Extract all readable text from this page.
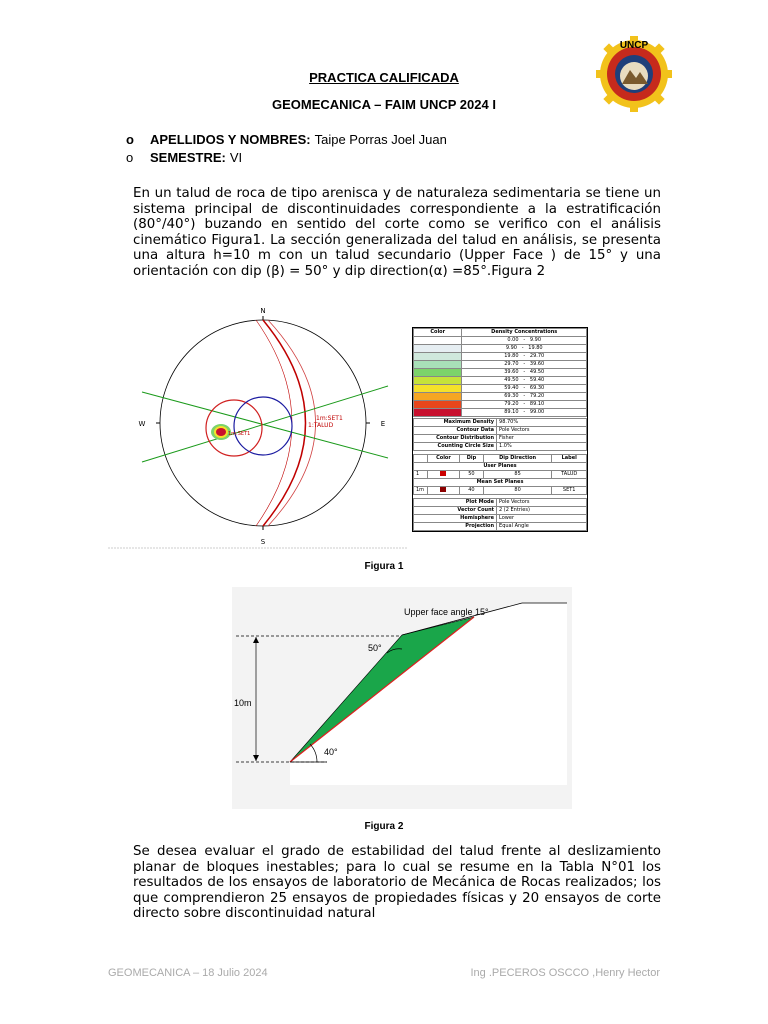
PRACTICA CALIFICADA
GEOMECANICA – FAIM UNCP 2024 I
UNCP
o	APELLIDOS Y NOMBRES: Taipe Porras Joel Juan
o	SEMESTRE: VI
En un talud de roca de tipo arenisca y de naturaleza sedimentaria se tiene un sistema principal de discontinuidades correspondiente a la estratificación (80°/40°) buzando en sentido del corte como se verifico con el análisis cinemático Figura1. La sección generalizada del talud en análisis, se presenta una altura h=10 m con un talud secundario (Upper Face ) de 15° y una orientación con dip (β) = 50° y dip direction(α) =85°.Figura 2
N
S
E
W
1m:SET1
1m:SET1
1:TALUD
Color	Density Concentrations
	0.00   -   9.90
	9.90   -   19.80
	19.80   -   29.70
	29.70   -   39.60
	39.60   -   49.50
	49.50   -   59.40
	59.40   -   69.30
	69.30   -   79.20
	79.20   -   89.10
	89.10   -   99.00
Maximum Density	98.70%
Contour Data	Pole Vectors
Contour Distribution	Fisher
Counting Circle Size	1.0%
	Color	Dip	Dip Direction	Label
User Planes				
1		50	85	TALUD
Mean Set Planes				
1m		40	80	SET1
Plot Mode	Pole Vectors
Vector Count	2 (2 Entries)
Hemisphere	Lower
Projection	Equal Angle
Figura 1
Upper face angle 15°
50°
10m
40°
Figura 2
Se desea evaluar el grado de estabilidad del talud frente al deslizamiento planar de bloques inestables; para lo cual se resume en la Tabla N°01 los resultados de los ensayos de laboratorio de Mecánica de Rocas realizados; los que comprendieron 25 ensayos de propiedades físicas y 20 ensayos de corte directo sobre discontinuidad natural
GEOMECANICA – 18 Julio 2024	Ing .PECEROS OSCCO ,Henry Hector
